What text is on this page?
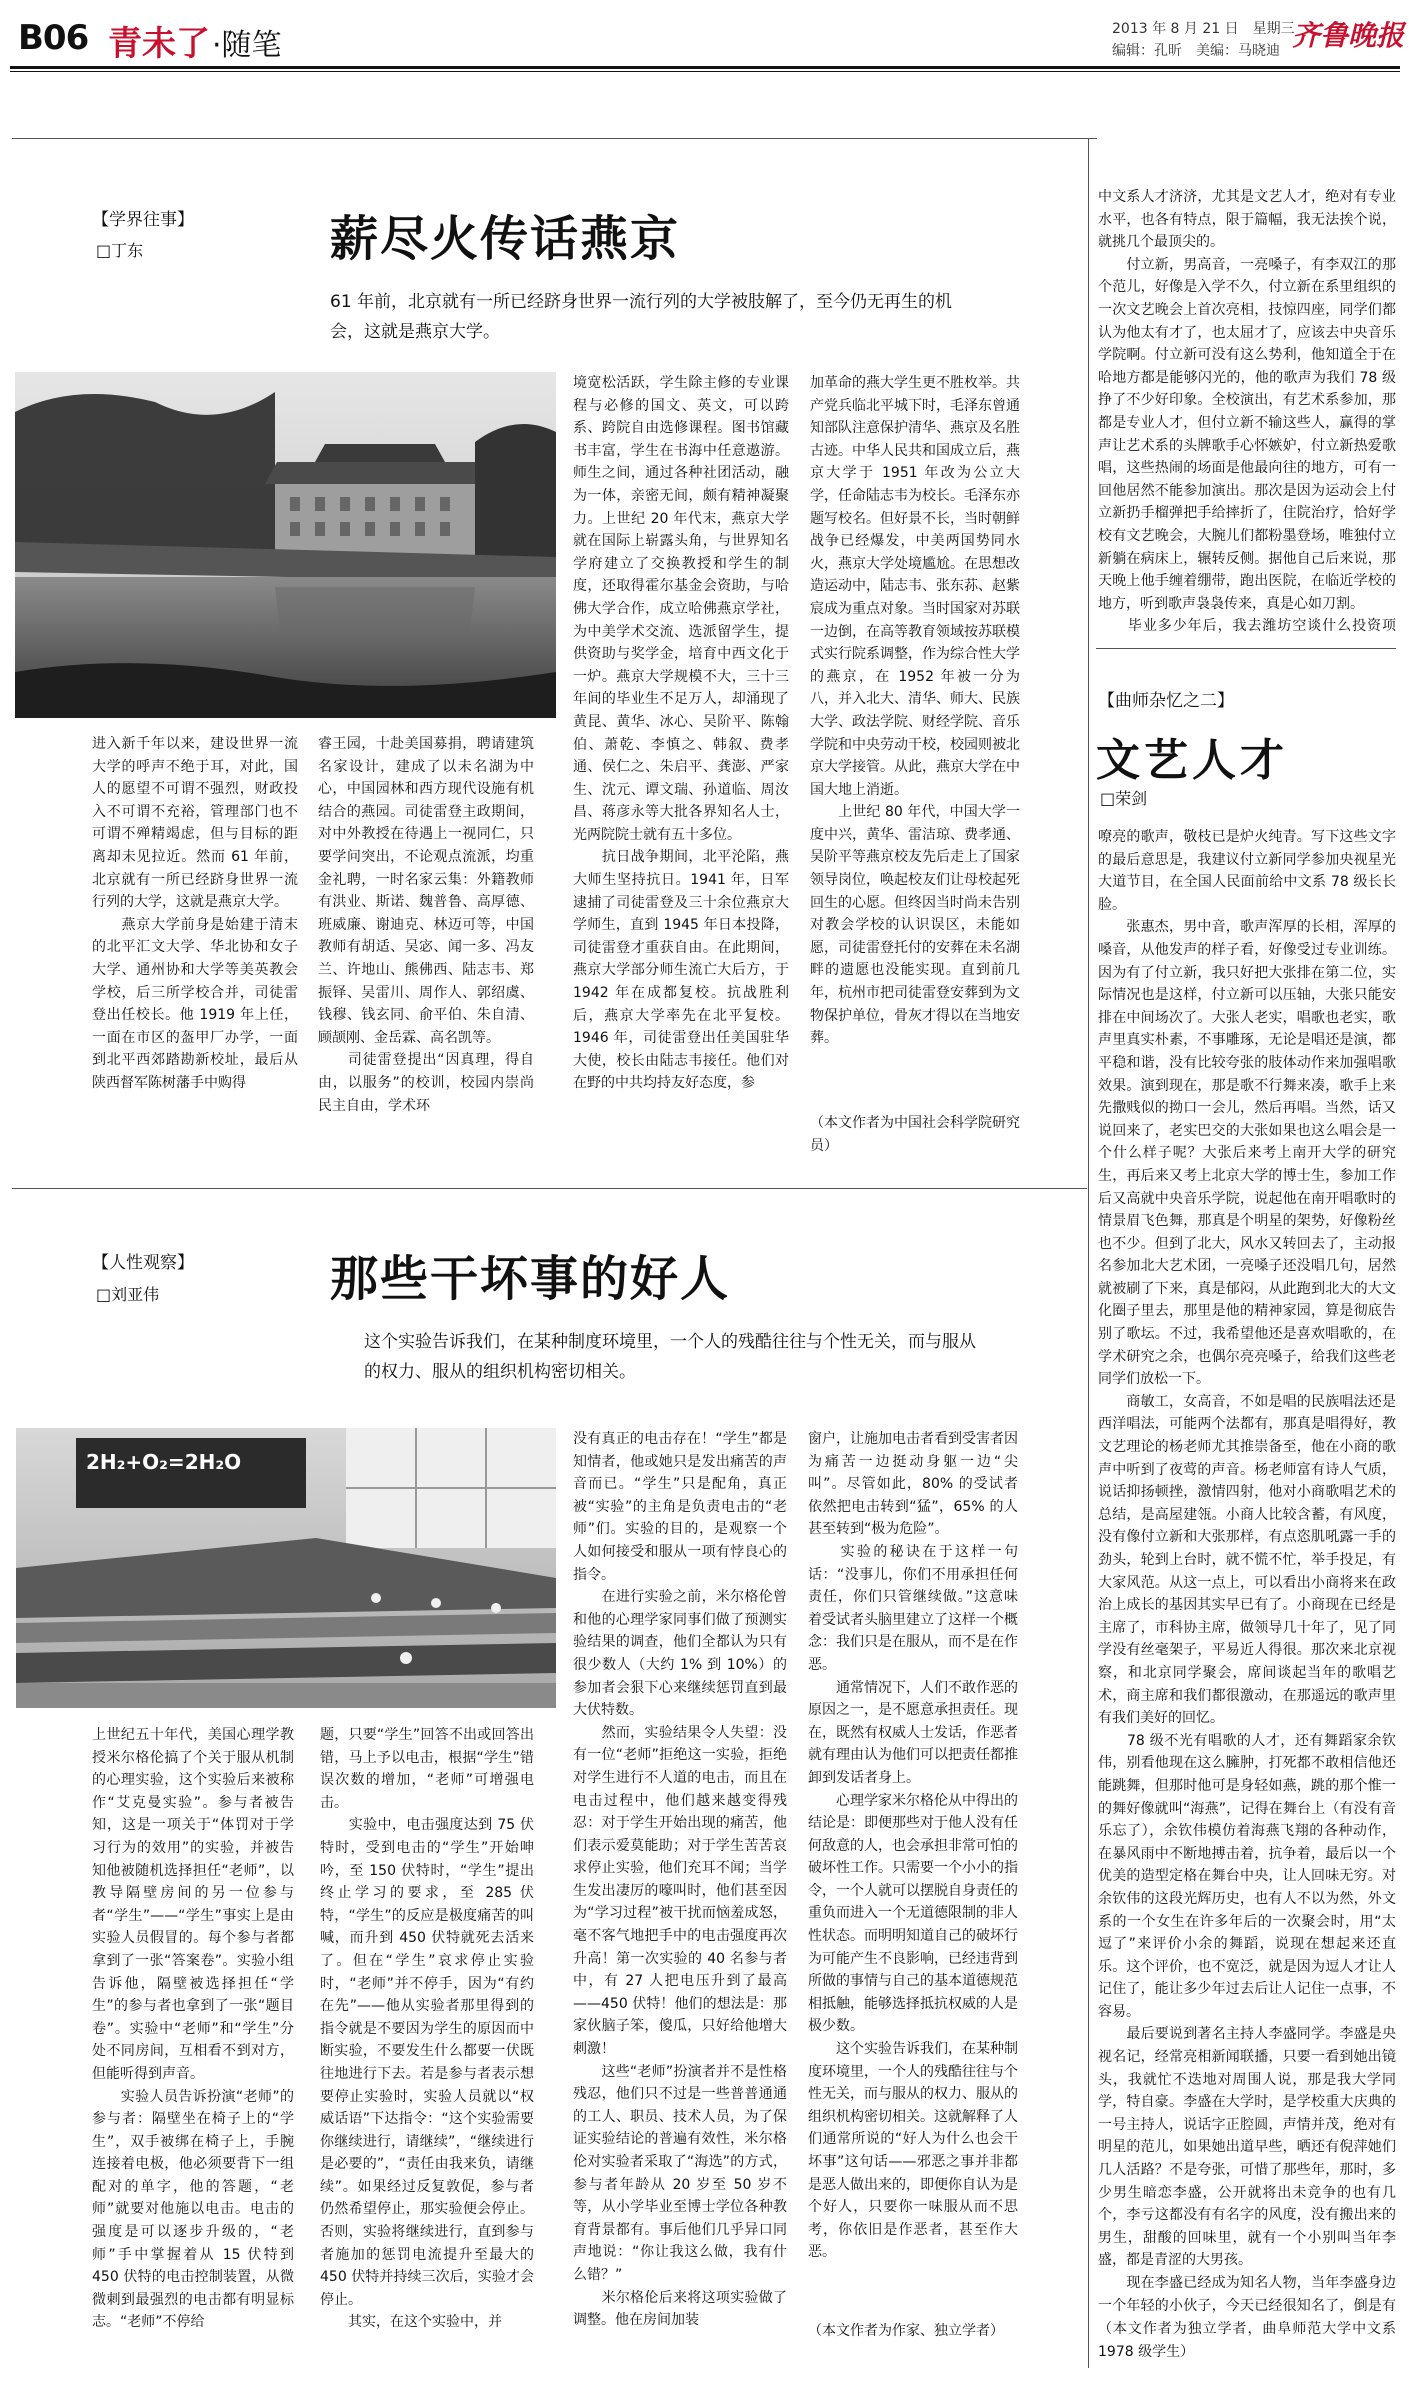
B06 青未了 ·随笔	2013 年 8 月 21 日　星期三
编辑：孔昕　美编：马晓迪 齐鲁晚报
【学界往事】
□丁东	薪尽火传话燕京
61 年前，北京就有一所已经跻身世界一流行列的大学被肢解了，至今仍无再生的机会，这就是燕京大学。
进入新千年以来，建设世界一流大学的呼声不绝于耳，对此，国人的愿望不可谓不强烈，财政投入不可谓不充裕，管理部门也不可谓不殚精竭虑，但与目标的距离却未见拉近。然而 61 年前，北京就有一所已经跻身世界一流行列的大学，这就是燕京大学。
　　燕京大学前身是始建于清末的北平汇文大学、华北协和女子大学、通州协和大学等美英教会学校，后三所学校合并，司徒雷登出任校长。他 1919 年上任，一面在市区的盔甲厂办学，一面到北平西郊踏勘新校址，最后从陕西督军陈树藩手中购得
睿王园，十赴美国募捐，聘请建筑名家设计，建成了以未名湖为中心，中国园林和西方现代设施有机结合的燕园。司徒雷登主政期间，对中外教授在待遇上一视同仁，只要学问突出，不论观点流派，均重金礼聘，一时名家云集：外籍教师有洪业、斯诺、魏普鲁、高厚德、班威廉、谢迪克、林迈可等，中国教师有胡适、吴宓、闻一多、冯友兰、许地山、熊佛西、陆志韦、郑振铎、吴雷川、周作人、郭绍虞、钱穆、钱玄同、俞平伯、朱自清、顾颉刚、金岳霖、高名凯等。
　　司徒雷登提出“因真理，得自由，以服务”的校训，校园内崇尚民主自由，学术环
境宽松活跃，学生除主修的专业课程与必修的国文、英文，可以跨系、跨院自由选修课程。图书馆藏书丰富，学生在书海中任意遨游。师生之间，通过各种社团活动，融为一体，亲密无间，颇有精神凝聚力。上世纪 20 年代末，燕京大学就在国际上崭露头角，与世界知名学府建立了交换教授和学生的制度，还取得霍尔基金会资助，与哈佛大学合作，成立哈佛燕京学社，为中美学术交流、选派留学生，提供资助与奖学金，培育中西文化于一炉。燕京大学规模不大，三十三年间的毕业生不足万人，却涌现了黄昆、黄华、冰心、吴阶平、陈翰伯、萧乾、李慎之、韩叙、费孝通、侯仁之、朱启平、龚澎、严家生、沈元、谭文瑞、孙道临、周汝昌、蒋彦永等大批各界知名人士，光两院院士就有五十多位。
　　抗日战争期间，北平沦陷，燕大师生坚持抗日。1941 年，日军逮捕了司徒雷登及三十余位燕京大学师生，直到 1945 年日本投降，司徒雷登才重获自由。在此期间，燕京大学部分师生流亡大后方，于 1942 年在成都复校。抗战胜利后，燕京大学率先在北平复校。1946 年，司徒雷登出任美国驻华大使，校长由陆志韦接任。他们对在野的中共均持友好态度，参
加革命的燕大学生更不胜枚举。共产党兵临北平城下时，毛泽东曾通知部队注意保护清华、燕京及名胜古迹。中华人民共和国成立后，燕京大学于 1951 年改为公立大学，任命陆志韦为校长。毛泽东亦题写校名。但好景不长，当时朝鲜战争已经爆发，中美两国势同水火，燕京大学处境尴尬。在思想改造运动中，陆志韦、张东荪、赵紫宸成为重点对象。当时国家对苏联一边倒，在高等教育领域按苏联模式实行院系调整，作为综合性大学的燕京，在 1952 年被一分为八，并入北大、清华、师大、民族大学、政法学院、财经学院、音乐学院和中央劳动干校，校园则被北京大学接管。从此，燕京大学在中国大地上消逝。
　　上世纪 80 年代，中国大学一度中兴，黄华、雷洁琼、费孝通、吴阶平等燕京校友先后走上了国家领导岗位，唤起校友们让母校起死回生的心愿。但终因当时尚未告别对教会学校的认识误区，未能如愿，司徒雷登托付的安葬在未名湖畔的遗愿也没能实现。直到前几年，杭州市把司徒雷登安葬到为文物保护单位，骨灰才得以在当地安葬。
（本文作者为中国社会科学院研究员）
【人性观察】
□刘亚伟	那些干坏事的好人
这个实验告诉我们，在某种制度环境里，一个人的残酷往往与个性无关，而与服从的权力、服从的组织机构密切相关。
2H₂+O₂=2H₂O
上世纪五十年代，美国心理学教授米尔格伦搞了个关于服从机制的心理实验，这个实验后来被称作“艾克曼实验”。参与者被告知，这是一项关于“体罚对于学习行为的效用”的实验，并被告知他被随机选择担任“老师”，以教导隔壁房间的另一位参与者“学生”——“学生”事实上是由实验人员假冒的。每个参与者都拿到了一张“答案卷”。实验小组告诉他，隔壁被选择担任“学生”的参与者也拿到了一张“题目卷”。实验中“老师”和“学生”分处不同房间，互相看不到对方，但能听得到声音。
　　实验人员告诉扮演“老师”的参与者：隔壁坐在椅子上的“学生”，双手被绑在椅子上，手腕连接着电极，他必须要背下一组配对的单字，他的答题，“老师”就要对他施以电击。电击的强度是可以逐步升级的，“老师”手中掌握着从 15 伏特到 450 伏特的电击控制装置，从微微刺到最强烈的电击都有明显标志。“老师”不停给
题，只要“学生”回答不出或回答出错，马上予以电击，根据“学生”错误次数的增加，“老师”可增强电击。
　　实验中，电击强度达到 75 伏特时，受到电击的“学生”开始呻吟，至 150 伏特时，“学生”提出终止学习的要求，至 285 伏特，“学生”的反应是极度痛苦的叫喊，而升到 450 伏特就死去活来了。但在“学生”哀求停止实验时，“老师”并不停手，因为“有约在先”——他从实验者那里得到的指令就是不要因为学生的原因而中断实验，不要发生什么都要一伏既往地进行下去。若是参与者表示想要停止实验时，实验人员就以“权威话语”下达指令：“这个实验需要你继续进行，请继续”，“继续进行是必要的”，“责任由我来负，请继续”。如果经过反复敦促，参与者仍然希望停止，那实验便会停止。否则，实验将继续进行，直到参与者施加的惩罚电流提升至最大的 450 伏特并持续三次后，实验才会停止。
　　其实，在这个实验中，并
没有真正的电击存在！“学生”都是知情者，他或她只是发出痛苦的声音而已。“学生”只是配角，真正被“实验”的主角是负责电击的“老师”们。实验的目的，是观察一个人如何接受和服从一项有悖良心的指令。
　　在进行实验之前，米尔格伦曾和他的心理学家同事们做了预测实验结果的调查，他们全都认为只有很少数人（大约 1% 到 10%）的参加者会狠下心来继续惩罚直到最大伏特数。
　　然而，实验结果令人失望：没有一位“老师”拒绝这一实验，拒绝对学生进行不人道的电击，而且在电击过程中，他们越来越变得残忍：对于学生开始出现的痛苦，他们表示爱莫能助；对于学生苦苦哀求停止实验，他们充耳不闻；当学生发出凄厉的嚎叫时，他们甚至因为“学习过程”被干扰而恼羞成怒，毫不客气地把手中的电击强度再次升高！第一次实验的 40 名参与者中，有 27 人把电压升到了最高——450 伏特！他们的想法是：那家伙脑子笨，傻瓜，只好给他增大刺激！
　　这些“老师”扮演者并不是性格残忍，他们只不过是一些普普通通的工人、职员、技术人员，为了保证实验结论的普遍有效性，米尔格伦对实验者采取了“海选”的方式，参与者年龄从 20 岁至 50 岁不等，从小学毕业至博士学位各种教育背景都有。事后他们几乎异口同声地说：“你让我这么做，我有什么错？”
　　米尔格伦后来将这项实验做了调整。他在房间加装
窗户，让施加电击者看到受害者因为痛苦一边挺动身躯一边“尖叫”。尽管如此，80% 的受试者依然把电击转到“猛”，65% 的人甚至转到“极为危险”。
　　实验的秘诀在于这样一句话：“没事儿，你们不用承担任何责任，你们只管继续做。”这意味着受试者头脑里建立了这样一个概念：我们只是在服从，而不是在作恶。
　　通常情况下，人们不敢作恶的原因之一，是不愿意承担责任。现在，既然有权威人士发话，作恶者就有理由认为他们可以把责任都推卸到发话者身上。
　　心理学家米尔格伦从中得出的结论是：即便那些对于他人没有任何敌意的人，也会承担非常可怕的破坏性工作。只需要一个小小的指令，一个人就可以摆脱自身责任的重负而进入一个无道德限制的非人性状态。而明明知道自己的破坏行为可能产生不良影响，已经违背到所做的事情与自己的基本道德规范相抵触，能够选择抵抗权威的人是极少数。
　　这个实验告诉我们，在某种制度环境里，一个人的残酷往往与个性无关，而与服从的权力、服从的组织机构密切相关。这就解释了人们通常所说的“好人为什么也会干坏事”这句话——邪恶之事并非都是恶人做出来的，即便你自认为是个好人，只要你一味服从而不思考，你依旧是作恶者，甚至作大恶。
（本文作者为作家、独立学者）
中文系人才济济，尤其是文艺人才，绝对有专业水平，也各有特点，限于篇幅，我无法挨个说，就挑几个最顶尖的。
　　付立新，男高音，一亮嗓子，有李双江的那个范儿，好像是入学不久，付立新在系里组织的一次文艺晚会上首次亮相，技惊四座，同学们都认为他太有才了，也太屈才了，应该去中央音乐学院啊。付立新可没有这么势利，他知道全于在哈地方都是能够闪光的，他的歌声为我们 78 级挣了不少好印象。全校演出，有艺术系参加，那都是专业人才，但付立新不输这些人，赢得的掌声让艺术系的头牌歌手心怀嫉妒，付立新热爱歌唱，这些热闹的场面是他最向往的地方，可有一回他居然不能参加演出。那次是因为运动会上付立新扔手榴弹把手给摔折了，住院治疗，恰好学校有文艺晚会，大腕儿们都粉墨登场，唯独付立新躺在病床上，辗转反侧。据他自己后来说，那天晚上他手缠着绷带，跑出医院，在临近学校的地方，听到歌声袅袅传来，真是心如刀割。
　　毕业多少年后，我去潍坊空谈什么投资项
【曲师杂忆之二】
文艺人才
□荣剑
嘹亮的歌声，敬枝已是炉火纯青。写下这些文字的最后意思是，我建议付立新同学参加央视星光大道节目，在全国人民面前给中文系 78 级长长脸。
　　张惠杰，男中音，歌声浑厚的长相，浑厚的嗓音，从他发声的样子看，好像受过专业训练。因为有了付立新，我只好把大张排在第二位，实际情况也是这样，付立新可以压轴，大张只能安排在中间场次了。大张人老实，唱歌也老实，歌声里真实朴素，不事雕琢，无论是唱还是演，都平稳和谐，没有比较夸张的肢体动作来加强唱歌效果。演到现在，那是歌不行舞来凑，歌手上来先撒贱似的拗口一会儿，然后再唱。当然，话又说回来了，老实巴交的大张如果也这么唱会是一个什么样子呢？大张后来考上南开大学的研究生，再后来又考上北京大学的博士生，参加工作后又高就中央音乐学院，说起他在南开唱歌时的情景眉飞色舞，那真是个明星的架势，好像粉丝也不少。但到了北大，风水又转回去了，主动报名参加北大艺术团，一亮嗓子还没唱几句，居然就被刷了下来，真是郁闷，从此跑到北大的大文化圈子里去，那里是他的精神家园，算是彻底告别了歌坛。不过，我希望他还是喜欢唱歌的，在学术研究之余，也偶尔亮亮嗓子，给我们这些老同学们放松一下。
　　商敏工，女高音，不如是唱的民族唱法还是西洋唱法，可能两个法都有，那真是唱得好，教文艺理论的杨老师尤其推崇备至，他在小商的歌声中听到了夜莺的声音。杨老师富有诗人气质，说话抑扬顿挫，激情四射，他对小商歌唱艺术的总结，是高屋建瓴。小商人比较含蓄，有风度，没有像付立新和大张那样，有点恣肌吼露一手的劲头，轮到上台时，就不慌不忙，举手投足，有大家风范。从这一点上，可以看出小商将来在政治上成长的基因其实早已有了。小商现在已经是主席了，市科协主席，做领导几十年了，见了同学没有丝毫架子，平易近人得很。那次来北京视察，和北京同学聚会，席间谈起当年的歌唱艺术，商主席和我们都很激动，在那遥远的歌声里有我们美好的回忆。
　　78 级不光有唱歌的人才，还有舞蹈家余钦伟，别看他现在这么臃肿，打死都不敢相信他还能跳舞，但那时他可是身轻如燕，跳的那个惟一的舞好像就叫“海燕”，记得在舞台上（有没有音乐忘了），余钦伟模仿着海燕飞翔的各种动作，在暴风雨中不断地搏击着，抗争着，最后以一个优美的造型定格在舞台中央，让人回味无穷。对余钦伟的这段光辉历史，也有人不以为然，外文系的一个女生在许多年后的一次聚会时，用“太逗了”来评价小余的舞蹈，说现在想起来还直乐。这个评价，也不宽泛，就是因为逗人才让人记住了，能让多少年过去后让人记住一点事，不容易。
　　最后要说到著名主持人李盛同学。李盛是央视名记，经常亮相新闻联播，只要一看到她出镜头，我就忙不迭地对周围人说，那是我大学同学，特自豪。李盛在大学时，是学校重大庆典的一号主持人，说话字正腔圆，声情并茂，绝对有明星的范儿，如果她出道早些，晒还有倪萍她们几人活路？不是夸张，可惜了那些年，那时，多少男生暗恋李盛，公开就将出未竞争的也有几个，李亏这都没有有名字的风度，没有搬出来的男生，甜酸的回味里，就有一个小别叫当年李盛，都是青涩的大男孩。
　　现在李盛已经成为知名人物，当年李盛身边一个年轻的小伙子，今天已经很知名了，倒是有
（本文作者为独立学者，曲阜师范大学中文系 1978 级学生）
